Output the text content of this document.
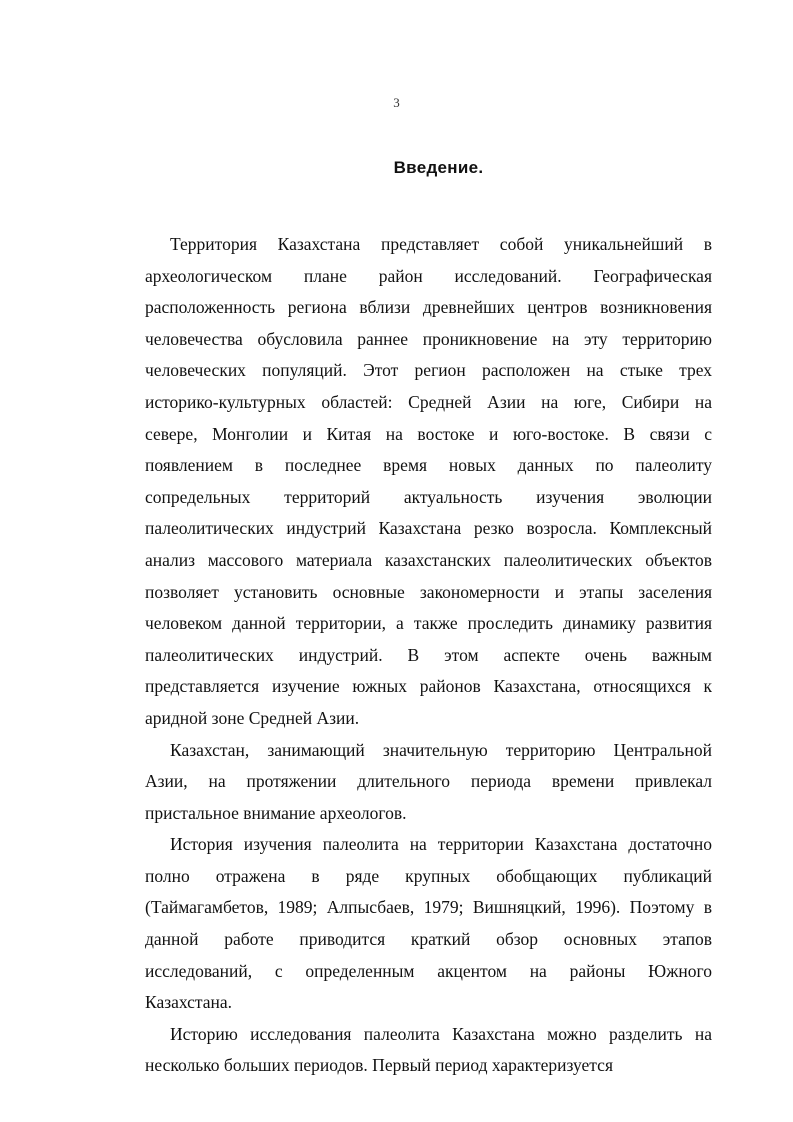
3
Введение.
Территория Казахстана представляет собой уникальнейший в
археологическом плане район исследований. Географическая
расположенность региона вблизи древнейших центров возникновения
человечества обусловила раннее проникновение на эту территорию
человеческих популяций. Этот регион расположен на стыке трех
историко-культурных областей: Средней Азии на юге, Сибири на
севере, Монголии и Китая на востоке и юго-востоке. В связи с
появлением в последнее время новых данных по палеолиту
сопредельных территорий актуальность изучения эволюции
палеолитических индустрий Казахстана резко возросла. Комплексный
анализ массового материала казахстанских палеолитических объектов
позволяет установить основные закономерности и этапы заселения
человеком данной территории, а также проследить динамику развития
палеолитических индустрий. В этом аспекте очень важным
представляется изучение южных районов Казахстана, относящихся к
аридной зоне Средней Азии.
Казахстан, занимающий значительную территорию Центральной
Азии, на протяжении длительного периода времени привлекал
пристальное внимание археологов.
История изучения палеолита на территории Казахстана достаточно
полно отражена в ряде крупных обобщающих публикаций
(Таймагамбетов, 1989; Алпысбаев, 1979; Вишняцкий, 1996). Поэтому в
данной работе приводится краткий обзор основных этапов
исследований, с определенным акцентом на районы Южного
Казахстана.
Историю исследования палеолита Казахстана можно разделить на
несколько больших периодов. Первый период характеризуется
